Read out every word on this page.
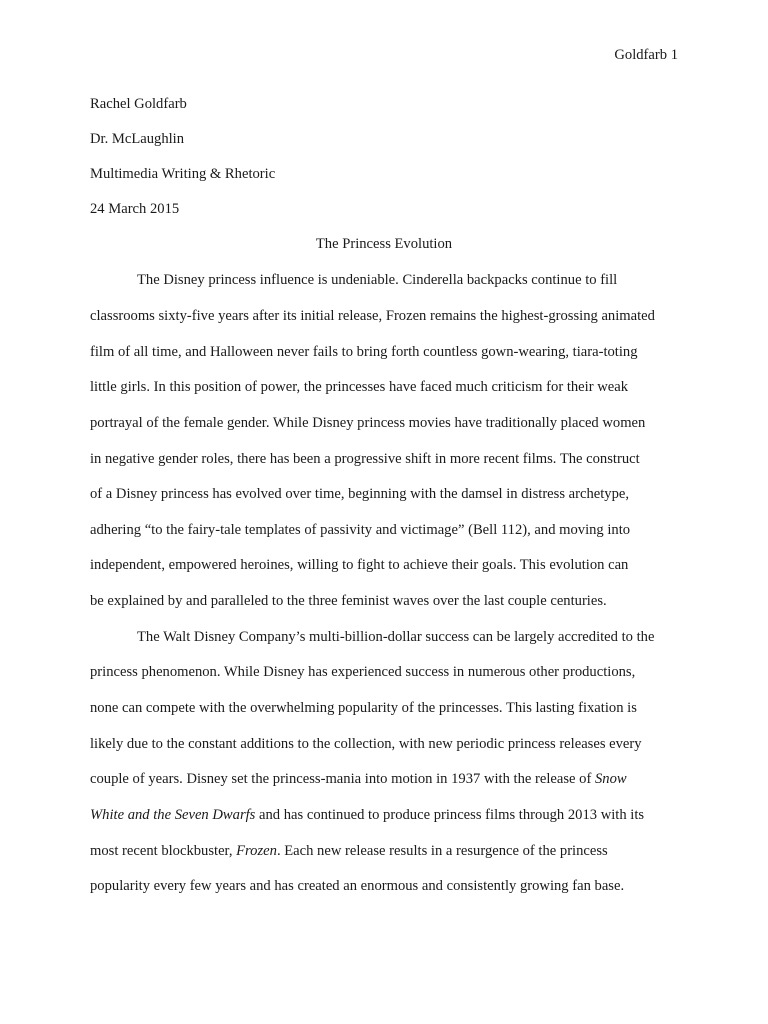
Goldfarb 1
Rachel Goldfarb
Dr. McLaughlin
Multimedia Writing & Rhetoric
24 March 2015
The Princess Evolution
The Disney princess influence is undeniable. Cinderella backpacks continue to fill
classrooms sixty-five years after its initial release, Frozen remains the highest-grossing animated
film of all time, and Halloween never fails to bring forth countless gown-wearing, tiara-toting
little girls. In this position of power, the princesses have faced much criticism for their weak
portrayal of the female gender. While Disney princess movies have traditionally placed women
in negative gender roles, there has been a progressive shift in more recent films. The construct
of a Disney princess has evolved over time, beginning with the damsel in distress archetype,
adhering “to the fairy-tale templates of passivity and victimage” (Bell 112), and moving into
independent, empowered heroines, willing to fight to achieve their goals. This evolution can
be explained by and paralleled to the three feminist waves over the last couple centuries.
The Walt Disney Company’s multi-billion-dollar success can be largely accredited to the
princess phenomenon. While Disney has experienced success in numerous other productions,
none can compete with the overwhelming popularity of the princesses. This lasting fixation is
likely due to the constant additions to the collection, with new periodic princess releases every
couple of years. Disney set the princess-mania into motion in 1937 with the release of Snow
White and the Seven Dwarfs and has continued to produce princess films through 2013 with its
most recent blockbuster, Frozen. Each new release results in a resurgence of the princess
popularity every few years and has created an enormous and consistently growing fan base.
